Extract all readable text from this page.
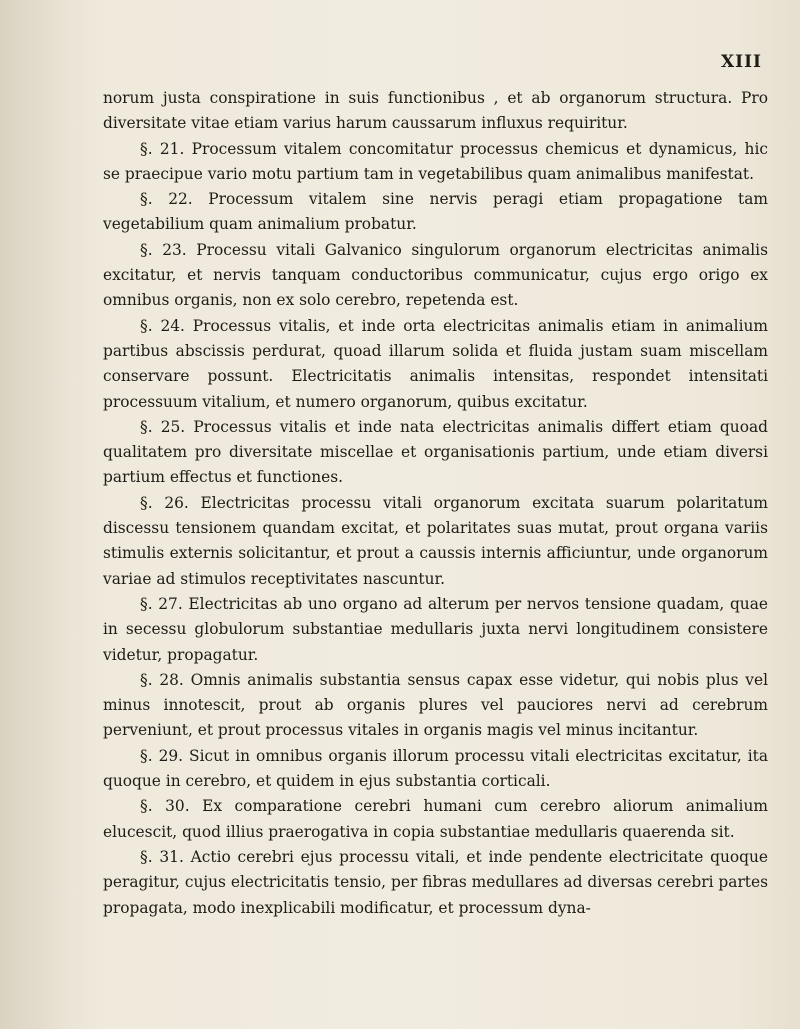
XIII

norum justa conspiratione in suis functionibus , et ab organorum structura. Pro diversitate vitae etiam varius harum caussarum influxus requiritur.

§. 21. Processum vitalem concomitatur processus chemicus et dynamicus, hic se praecipue vario motu partium tam in vegetabilibus quam animalibus manifestat.

§. 22. Processum vitalem sine nervis peragi etiam propagatione tam vegetabilium quam animalium probatur.

§. 23. Processu vitali Galvanico singulorum organorum electricitas animalis excitatur, et nervis tanquam conductoribus communicatur, cujus ergo origo ex omnibus organis, non ex solo cerebro, repetenda est.

§. 24. Processus vitalis, et inde orta electricitas animalis etiam in animalium partibus abscissis perdurat, quoad illarum solida et fluida justam suam miscellam conservare possunt. Electricitatis animalis intensitas, respondet intensitati processuum vitalium, et numero organorum, quibus excitatur.

§. 25. Processus vitalis et inde nata electricitas animalis differt etiam quoad qualitatem pro diversitate miscellae et organisationis partium, unde etiam diversi partium effectus et functiones.

§. 26. Electricitas processu vitali organorum excitata suarum polaritatum discessu tensionem quandam excitat, et polaritates suas mutat, prout organa variis stimulis externis solicitantur, et prout a caussis internis afficiuntur, unde organorum variae ad stimulos receptivitates nascuntur.

§. 27. Electricitas ab uno organo ad alterum per nervos tensione quadam, quae in secessu globulorum substantiae medullaris juxta nervi longitudinem consistere videtur, propagatur.

§. 28. Omnis animalis substantia sensus capax esse videtur, qui nobis plus vel minus innotescit, prout ab organis plures vel pauciores nervi ad cerebrum perveniunt, et prout processus vitales in organis magis vel minus incitantur.

§. 29. Sicut in omnibus organis illorum processu vitali electricitas excitatur, ita quoque in cerebro, et quidem in ejus substantia corticali.

§. 30. Ex comparatione cerebri humani cum cerebro aliorum animalium elucescit, quod illius praerogativa in copia substantiae medullaris quaerenda sit.

§. 31. Actio cerebri ejus processu vitali, et inde pendente electricitate quoque peragitur, cujus electricitatis tensio, per fibras medullares ad diversas cerebri partes propagata, modo inexplicabili modificatur, et processum dyna-
